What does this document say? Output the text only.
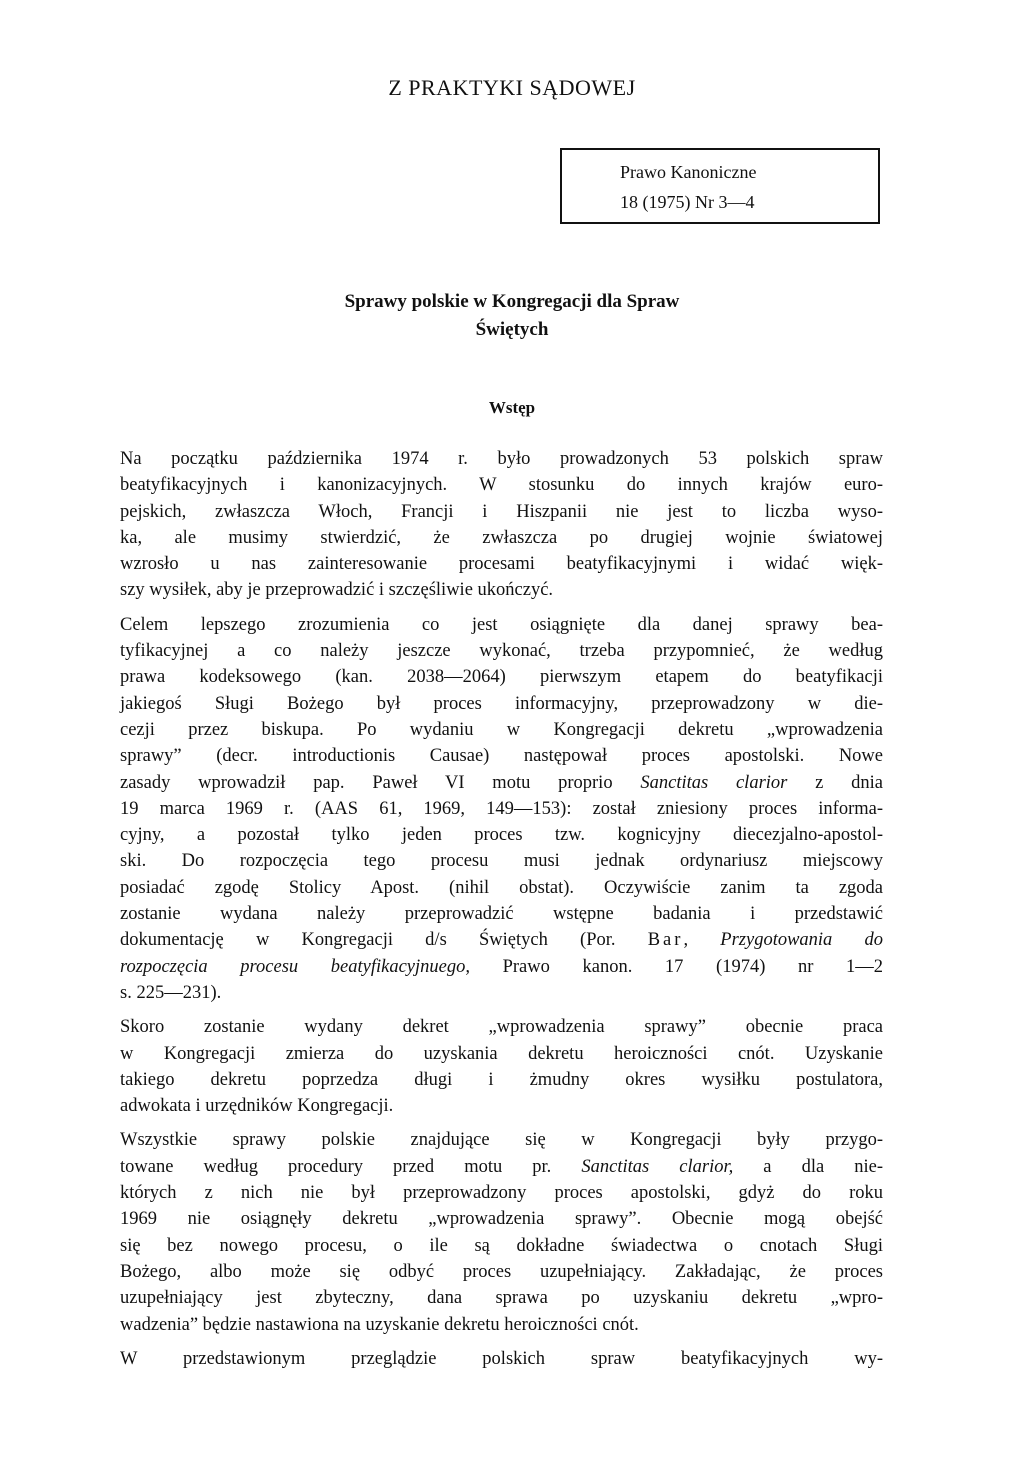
Z PRAKTYKI SĄDOWEJ
Prawo Kanoniczne
18 (1975) Nr 3—4
Sprawy polskie w Kongregacji dla Spraw
Świętych
Wstęp

Na początku października 1974 r. było prowadzonych 53 polskich spraw
beatyfikacyjnych i kanonizacyjnych. W stosunku do innych krajów euro-
pejskich, zwłaszcza Włoch, Francji i Hiszpanii nie jest to liczba wyso-
ka, ale musimy stwierdzić, że zwłaszcza po drugiej wojnie światowej
wzrosło u nas zainteresowanie procesami beatyfikacyjnymi i widać więk-
szy wysiłek, aby je przeprowadzić i szczęśliwie ukończyć.

Celem lepszego zrozumienia co jest osiągnięte dla danej sprawy bea-
tyfikacyjnej a co należy jeszcze wykonać, trzeba przypomnieć, że według
prawa kodeksowego (kan. 2038—2064) pierwszym etapem do beatyfikacji
jakiegoś Sługi Bożego był proces informacyjny, przeprowadzony w die-
cezji przez biskupa. Po wydaniu w Kongregacji dekretu „wprowadzenia
sprawy” (decr. introductionis Causae) następował proces apostolski. Nowe
zasady wprowadził pap. Paweł VI motu proprio Sanctitas clarior z dnia
19 marca 1969 r. (AAS 61, 1969, 149—153): został zniesiony proces informa-
cyjny, a pozostał tylko jeden proces tzw. kognicyjny diecezjalno-apostol-
ski. Do rozpoczęcia tego procesu musi jednak ordynariusz miejscowy
posiadać zgodę Stolicy Apost. (nihil obstat). Oczywiście zanim ta zgoda
zostanie wydana należy przeprowadzić wstępne badania i przedstawić
dokumentację w Kongregacji d/s Świętych (Por. Bar, Przygotowania do
rozpoczęcia procesu beatyfikacyjnuego, Prawo kanon. 17 (1974) nr 1—2
s. 225—231).

Skoro zostanie wydany dekret „wprowadzenia sprawy” obecnie praca
w Kongregacji zmierza do uzyskania dekretu heroiczności cnót. Uzyskanie
takiego dekretu poprzedza długi i żmudny okres wysiłku postulatora,
adwokata i urzędników Kongregacji.

Wszystkie sprawy polskie znajdujące się w Kongregacji były przygo-
towane według procedury przed motu pr. Sanctitas clarior, a dla nie-
których z nich nie był przeprowadzony proces apostolski, gdyż do roku
1969 nie osiągnęły dekretu „wprowadzenia sprawy”. Obecnie mogą obejść
się bez nowego procesu, o ile są dokładne świadectwa o cnotach Sługi
Bożego, albo może się odbyć proces uzupełniający. Zakładając, że proces
uzupełniający jest zbyteczny, dana sprawa po uzyskaniu dekretu „wpro-
wadzenia” będzie nastawiona na uzyskanie dekretu heroiczności cnót.

W przedstawionym przeglądzie polskich spraw beatyfikacyjnych wy-
